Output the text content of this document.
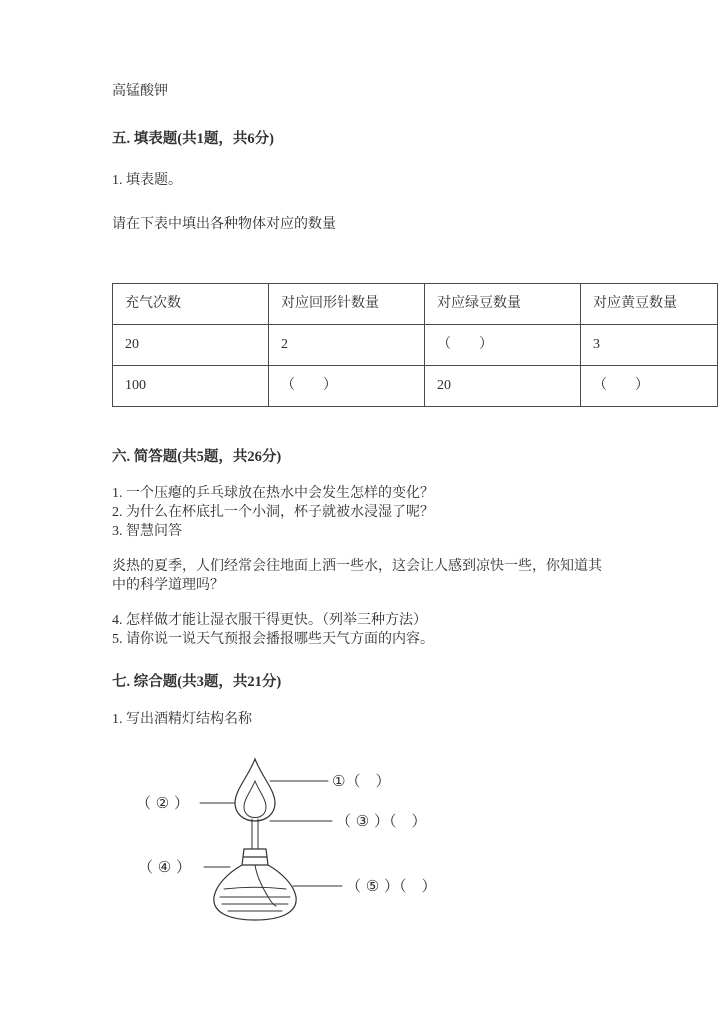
高锰酸钾
五. 填表题(共1题，共6分)
1. 填表题。
请在下表中填出各种物体对应的数量
充气次数	对应回形针数量	对应绿豆数量	对应黄豆数量
20	2	（　　）	3
100	（　　）	20	（　　）
六. 简答题(共5题，共26分)
1. 一个压瘪的乒乓球放在热水中会发生怎样的变化？
2. 为什么在杯底扎一个小洞，杯子就被水浸湿了呢？
3. 智慧问答
炎热的夏季，人们经常会往地面上洒一些水，这会让人感到凉快一些，你知道其中的科学道理吗？
4. 怎样做才能让湿衣服干得更快。（列举三种方法）
5. 请你说一说天气预报会播报哪些天气方面的内容。
七. 综合题(共3题，共21分)
1. 写出酒精灯结构名称
①（　）
（ ② ）
（ ③ ）（　）
（ ④ ）
（ ⑤ ）（　）
